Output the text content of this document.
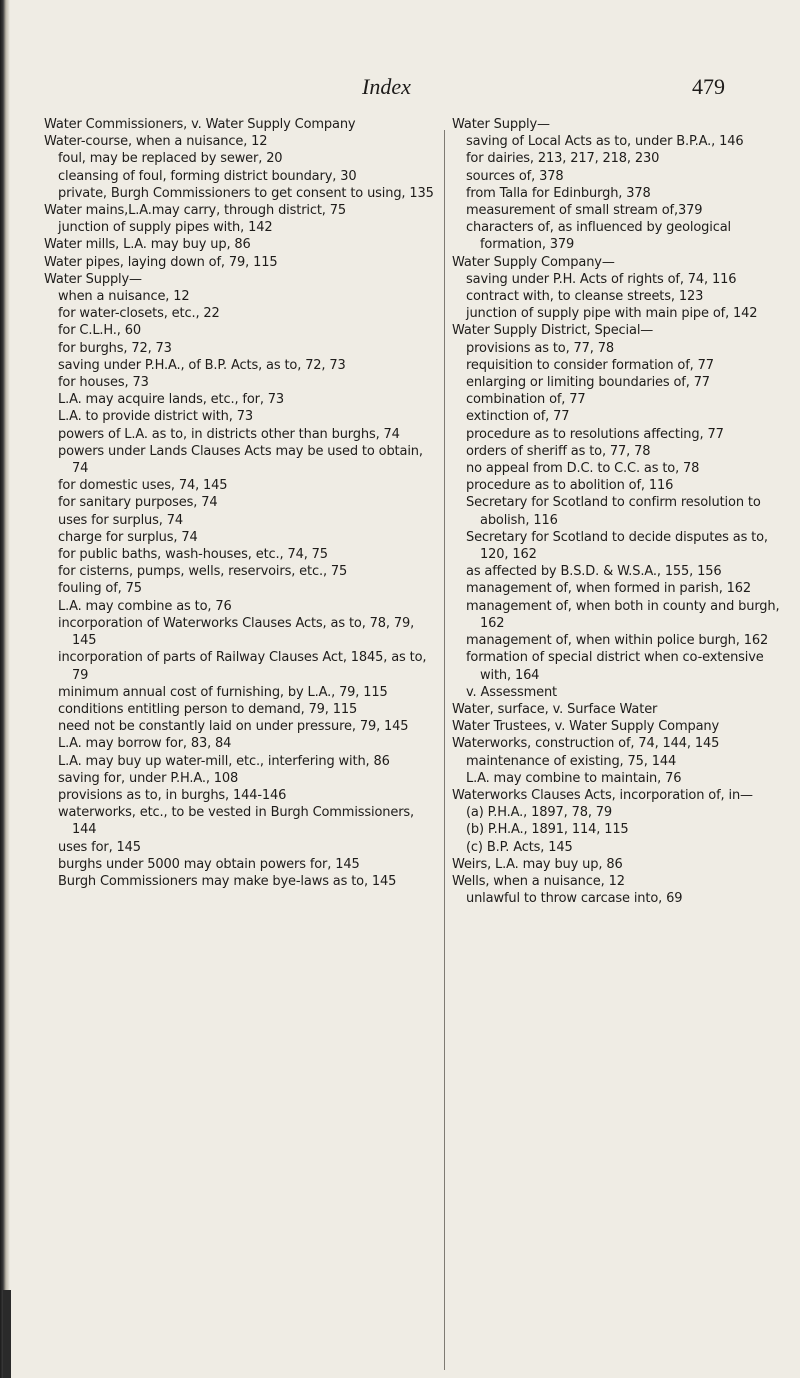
Index	479
Water Commissioners, v. Water Supply Company
Water-course, when a nuisance, 12
foul, may be replaced by sewer, 20
cleansing of foul, forming district boundary, 30
private, Burgh Commissioners to get consent to using, 135
Water mains,L.A.may carry, through district, 75
junction of supply pipes with, 142
Water mills, L.A. may buy up, 86
Water pipes, laying down of, 79, 115
Water Supply—
when a nuisance, 12
for water-closets, etc., 22
for C.L.H., 60
for burghs, 72, 73
saving under P.H.A., of B.P. Acts, as to, 72, 73
for houses, 73
L.A. may acquire lands, etc., for, 73
L.A. to provide district with, 73
powers of L.A. as to, in districts other than burghs, 74
powers under Lands Clauses Acts may be used to obtain, 74
for domestic uses, 74, 145
for sanitary purposes, 74
uses for surplus, 74
charge for surplus, 74
for public baths, wash-houses, etc., 74, 75
for cisterns, pumps, wells, reservoirs, etc., 75
fouling of, 75
L.A. may combine as to, 76
incorporation of Waterworks Clauses Acts, as to, 78, 79, 145
incorporation of parts of Railway Clauses Act, 1845, as to, 79
minimum annual cost of furnishing, by L.A., 79, 115
conditions entitling person to demand, 79, 115
need not be constantly laid on under pressure, 79, 145
L.A. may borrow for, 83, 84
L.A. may buy up water-mill, etc., interfering with, 86
saving for, under P.H.A., 108
provisions as to, in burghs, 144-146
waterworks, etc., to be vested in Burgh Commissioners, 144
uses for, 145
burghs under 5000 may obtain powers for, 145
Burgh Commissioners may make bye-laws as to, 145
Water Supply—
saving of Local Acts as to, under B.P.A., 146
for dairies, 213, 217, 218, 230
sources of, 378
from Talla for Edinburgh, 378
measurement of small stream of,379
characters of, as influenced by geological formation, 379
Water Supply Company—
saving under P.H. Acts of rights of, 74, 116
contract with, to cleanse streets, 123
junction of supply pipe with main pipe of, 142
Water Supply District, Special—
provisions as to, 77, 78
requisition to consider formation of, 77
enlarging or limiting boundaries of, 77
combination of, 77
extinction of, 77
procedure as to resolutions affecting, 77
orders of sheriff as to, 77, 78
no appeal from D.C. to C.C. as to, 78
procedure as to abolition of, 116
Secretary for Scotland to confirm resolution to abolish, 116
Secretary for Scotland to decide disputes as to, 120, 162
as affected by B.S.D. & W.S.A., 155, 156
management of, when formed in parish, 162
management of, when both in county and burgh, 162
management of, when within police burgh, 162
formation of special district when co-extensive with, 164
v. Assessment
Water, surface, v. Surface Water
Water Trustees, v. Water Supply Company
Waterworks, construction of, 74, 144, 145
maintenance of existing, 75, 144
L.A. may combine to maintain, 76
Waterworks Clauses Acts, incorporation of, in—
(a) P.H.A., 1897, 78, 79
(b) P.H.A., 1891, 114, 115
(c) B.P. Acts, 145
Weirs, L.A. may buy up, 86
Wells, when a nuisance, 12
unlawful to throw carcase into, 69
